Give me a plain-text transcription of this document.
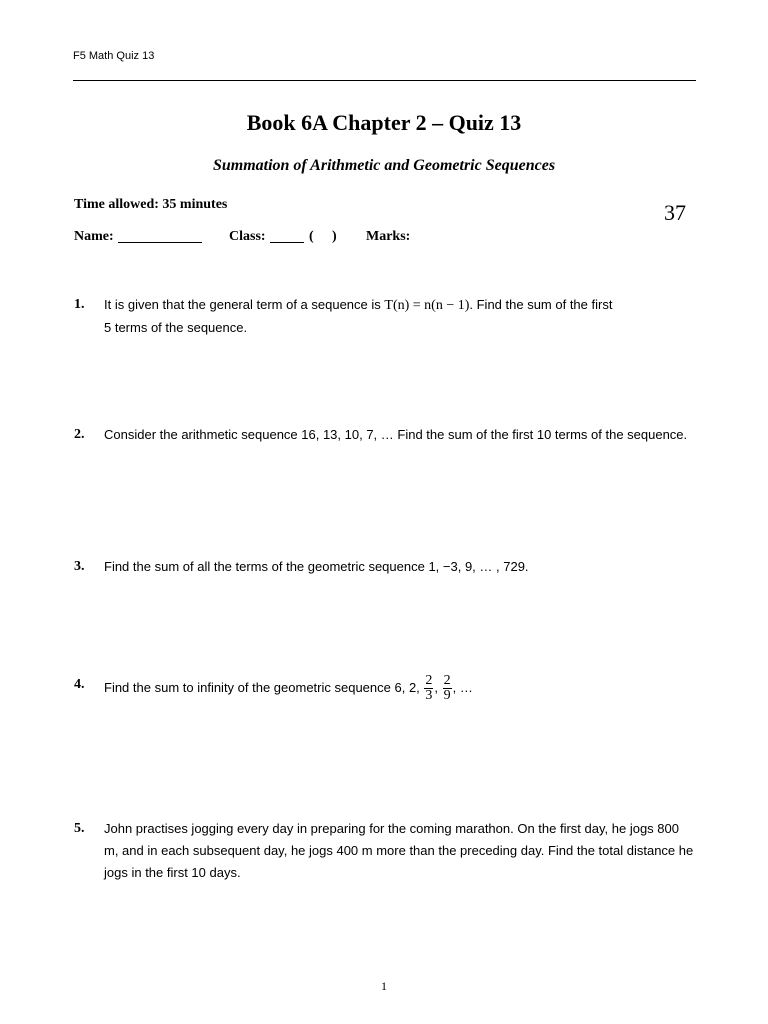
F5 Math Quiz 13
Book 6A Chapter 2 – Quiz 13
Summation of Arithmetic and Geometric Sequences
Time allowed: 35 minutes	37

Name:

	Class:

	(

)

Marks:

1. It is given that the general term of a sequence is T(n) = n(n − 1). Find the sum of the first
5 terms of the sequence.
2. Consider the arithmetic sequence 16, 13, 10, 7, … Find the sum of the first 10 terms of the sequence.
3. Find the sum of all the terms of the geometric sequence 1, −3, 9, … , 729.
4. Find the sum to infinity of the geometric sequence 6, 2, $\frac{2}{3}$ , $\frac{2}{9}$ , …
5. John practises jogging every day in preparing for the coming marathon. On the first day, he jogs 800 m, and in each subsequent day, he jogs 400 m more than the preceding day. Find the total distance he jogs in the first 10 days.
1
